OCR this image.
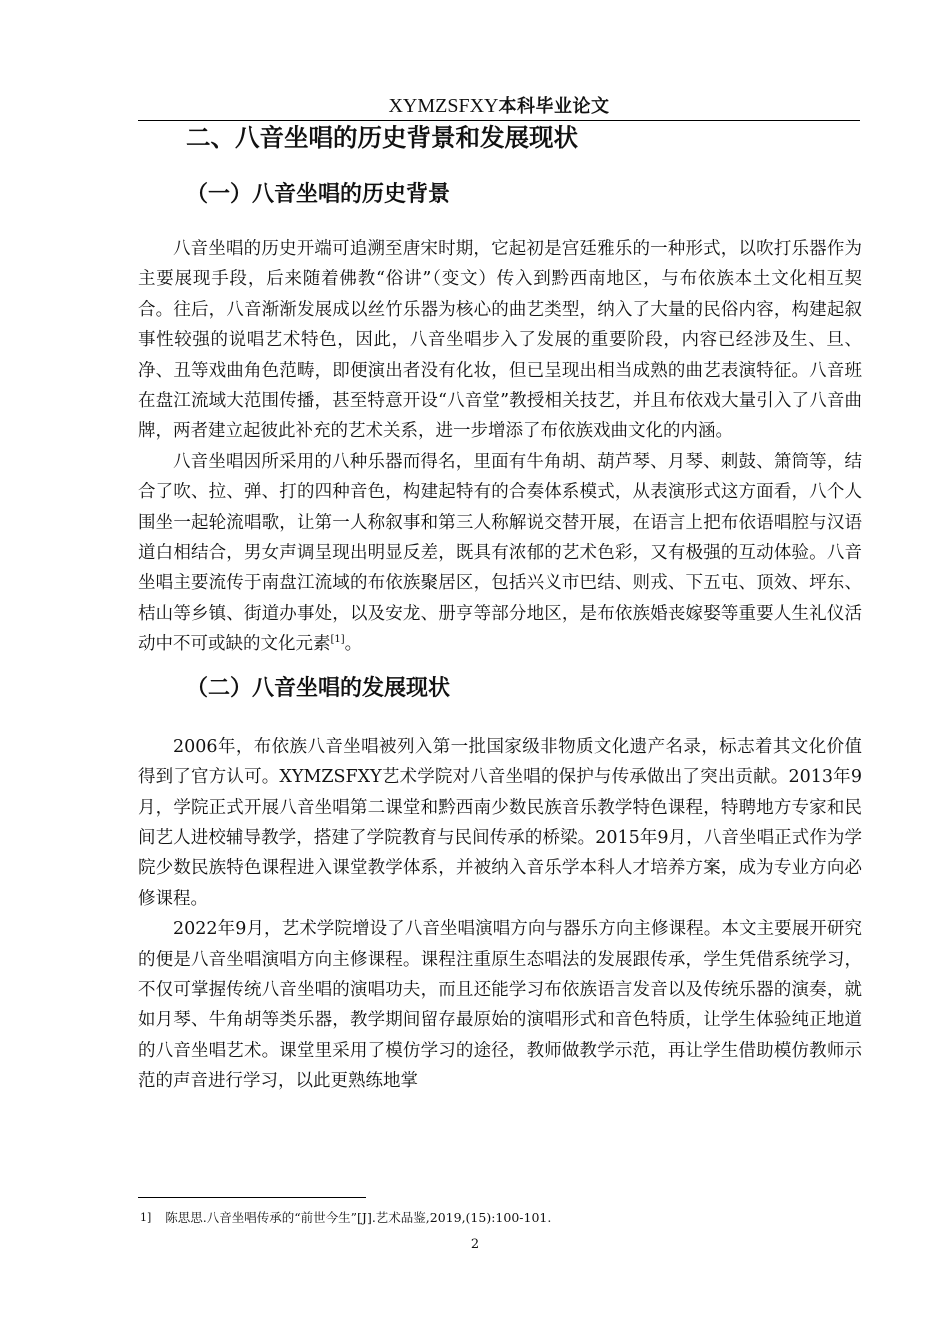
XYMZSFXY本科毕业论文
二、八音坐唱的历史背景和发展现状
（一）八音坐唱的历史背景

八音坐唱的历史开端可追溯至唐宋时期，它起初是宫廷雅乐的一种形式，以吹打乐器作为主要展现手段，后来随着佛教“俗讲”（变文）传入到黔西南地区，与布依族本土文化相互契合。往后，八音渐渐发展成以丝竹乐器为核心的曲艺类型，纳入了大量的民俗内容，构建起叙事性较强的说唱艺术特色，因此，八音坐唱步入了发展的重要阶段，内容已经涉及生、旦、净、丑等戏曲角色范畴，即便演出者没有化妆，但已呈现出相当成熟的曲艺表演特征。八音班在盘江流域大范围传播，甚至特意开设“八音堂”教授相关技艺，并且布依戏大量引入了八音曲牌，两者建立起彼此补充的艺术关系，进一步增添了布依族戏曲文化的内涵。

八音坐唱因所采用的八种乐器而得名，里面有牛角胡、葫芦琴、月琴、刺鼓、箫筒等，结合了吹、拉、弹、打的四种音色，构建起特有的合奏体系模式，从表演形式这方面看，八个人围坐一起轮流唱歌，让第一人称叙事和第三人称解说交替开展，在语言上把布依语唱腔与汉语道白相结合，男女声调呈现出明显反差，既具有浓郁的艺术色彩，又有极强的互动体验。八音坐唱主要流传于南盘江流域的布依族聚居区，包括兴义市巴结、则戎、下五屯、顶效、坪东、桔山等乡镇、街道办事处，以及安龙、册亨等部分地区，是布依族婚丧嫁娶等重要人生礼仪活动中不可或缺的文化元素[1]。

（二）八音坐唱的发展现状

2006年，布依族八音坐唱被列入第一批国家级非物质文化遗产名录，标志着其文化价值得到了官方认可。XYMZSFXY艺术学院对八音坐唱的保护与传承做出了突出贡献。2013年9月，学院正式开展八音坐唱第二课堂和黔西南少数民族音乐教学特色课程，特聘地方专家和民间艺人进校辅导教学，搭建了学院教育与民间传承的桥梁。2015年9月，八音坐唱正式作为学院少数民族特色课程进入课堂教学体系，并被纳入音乐学本科人才培养方案，成为专业方向必修课程。

2022年9月，艺术学院增设了八音坐唱演唱方向与器乐方向主修课程。本文主要展开研究的便是八音坐唱演唱方向主修课程。课程注重原生态唱法的发展跟传承，学生凭借系统学习，不仅可掌握传统八音坐唱的演唱功夫，而且还能学习布依族语言发音以及传统乐器的演奏，就如月琴、牛角胡等类乐器，教学期间留存最原始的演唱形式和音色特质，让学生体验纯正地道的八音坐唱艺术。课堂里采用了模仿学习的途径，教师做教学示范，再让学生借助模仿教师示范的声音进行学习，以此更熟练地掌

1] 陈思思.八音坐唱传承的“前世今生”[J].艺术品鉴,2019,(15):100-101.
2
